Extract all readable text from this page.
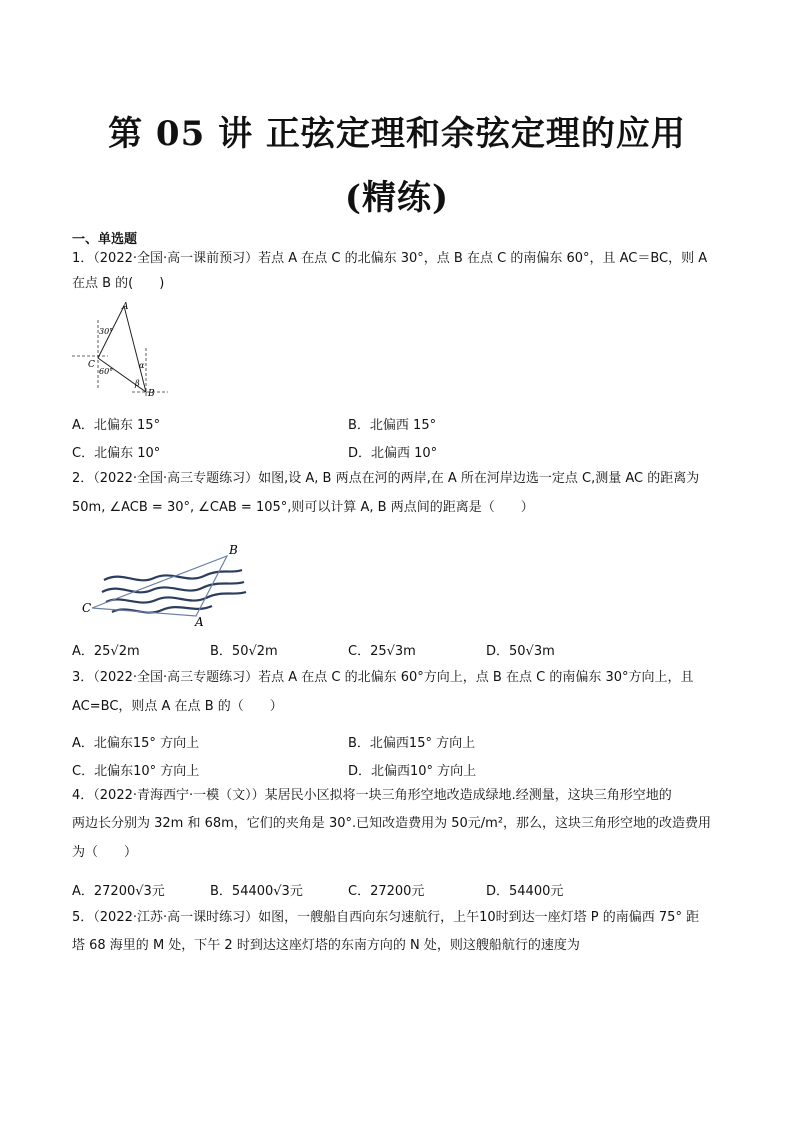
第 05 讲 正弦定理和余弦定理的应用
(精练)
一、单选题
1．（2022·全国·高一课前预习）若点 A 在点 C 的北偏东 30°，点 B 在点 C 的南偏东 60°，且 AC＝BC，则 A
在点 B 的(　　)
A
C
B
30°
60°
α
β
A．北偏东 15°	B．北偏西 15°
C．北偏东 10°	D．北偏西 10°
2．（2022·全国·高三专题练习）如图,设 A, B 两点在河的两岸,在 A 所在河岸边选一定点 C,测量 AC 的距离为
50m, ∠ACB = 30°, ∠CAB = 105°,则可以计算 A, B 两点间的距离是（　　）
C
B
A
A．25√2m	B．50√2m	C．25√3m	D．50√3m
3．（2022·全国·高三专题练习）若点 A 在点 C 的北偏东 60°方向上，点 B 在点 C 的南偏东 30°方向上，且
AC=BC，则点 A 在点 B 的（　　）
A．北偏东15° 方向上	B．北偏西15° 方向上
C．北偏东10° 方向上	D．北偏西10° 方向上
4．（2022·青海西宁·一模（文））某居民小区拟将一块三角形空地改造成绿地.经测量，这块三角形空地的
两边长分别为 32m 和 68m，它们的夹角是 30°.已知改造费用为 50元/m²，那么，这块三角形空地的改造费用
为（　　）
A．27200√3元	B．54400√3元	C．27200元	D．54400元
5．（2022·江苏·高一课时练习）如图，一艘船自西向东匀速航行，上午10时到达一座灯塔 P 的南偏西 75° 距
塔 68 海里的 M 处，下午 2 时到达这座灯塔的东南方向的 N 处，则这艘船航行的速度为
